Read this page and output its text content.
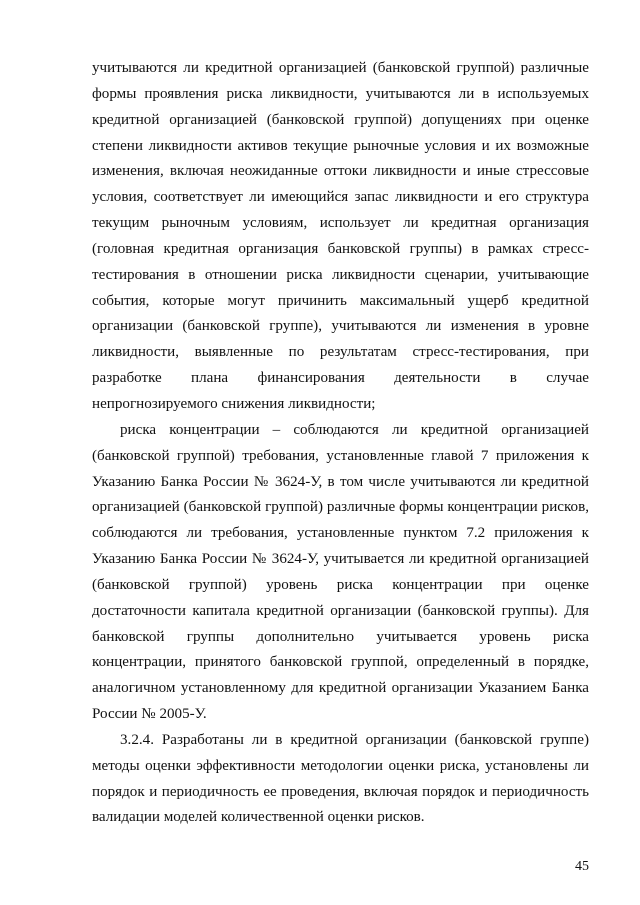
учитываются ли кредитной организацией (банковской группой) различные формы проявления риска ликвидности, учитываются ли в используемых кредитной организацией (банковской группой) допущениях при оценке степени ликвидности активов текущие рыночные условия и их возможные изменения, включая неожиданные оттоки ликвидности и иные стрессовые условия, соответствует ли имеющийся запас ликвидности и его структура текущим рыночным условиям, использует ли кредитная организация (головная кредитная организация банковской группы) в рамках стресс-тестирования в отношении риска ликвидности сценарии, учитывающие события, которые могут причинить максимальный ущерб кредитной организации (банковской группе), учитываются ли изменения в уровне ликвидности, выявленные по результатам стресс-тестирования, при разработке плана финансирования деятельности в случае непрогнозируемого снижения ликвидности;

риска концентрации – соблюдаются ли кредитной организацией (банковской группой) требования, установленные главой 7 приложения к Указанию Банка России № 3624-У, в том числе учитываются ли кредитной организацией (банковской группой) различные формы концентрации рисков, соблюдаются ли требования, установленные пунктом 7.2 приложения к Указанию Банка России № 3624-У, учитывается ли кредитной организацией (банковской группой) уровень риска концентрации при оценке достаточности капитала кредитной организации (банковской группы). Для банковской группы дополнительно учитывается уровень риска концентрации, принятого банковской группой, определенный в порядке, аналогичном установленному для кредитной организации Указанием Банка России № 2005-У.

3.2.4. Разработаны ли в кредитной организации (банковской группе) методы оценки эффективности методологии оценки риска, установлены ли порядок и периодичность ее проведения, включая порядок и периодичность валидации моделей количественной оценки рисков.

45
